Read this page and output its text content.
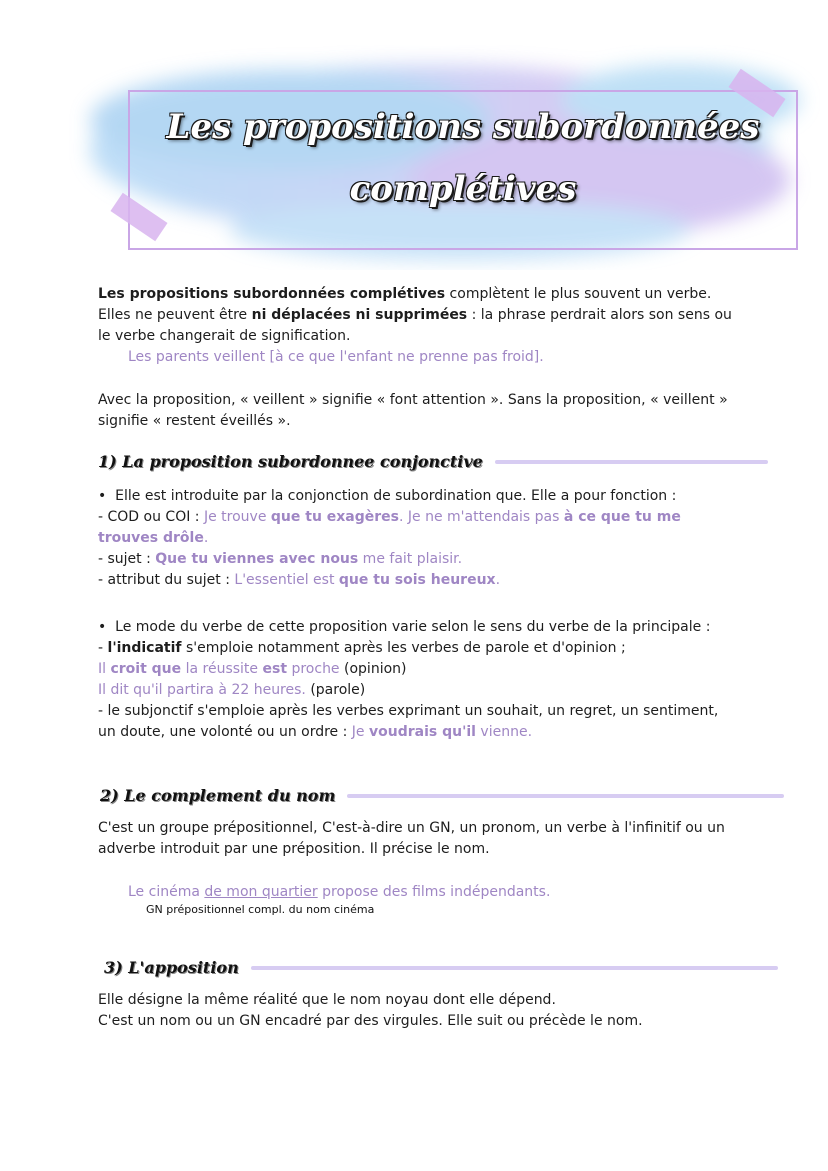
Les propositions subordonnées
complétives

Les propositions subordonnées complétives complètent le plus souvent un verbe.

Elles ne peuvent être ni déplacées ni supprimées : la phrase perdrait alors son sens ou le verbe changerait de signification.

Les parents veillent [à ce que l'enfant ne prenne pas froid].

Avec la proposition, « veillent » signifie « font attention ». Sans la proposition, « veillent » signifie « restent éveillés ».

1) La proposition subordonnee conjonctive

•  Elle est introduite par la conjonction de subordination que. Elle a pour fonction :

- COD ou COI : Je trouve que tu exagères. Je ne m'attendais pas à ce que tu me trouves drôle.

- sujet : Que tu viennes avec nous me fait plaisir.

- attribut du sujet : L'essentiel est que tu sois heureux.

•  Le mode du verbe de cette proposition varie selon le sens du verbe de la principale :

- l'indicatif s'emploie notamment après les verbes de parole et d'opinion ;

Il croit que la réussite est proche (opinion)

Il dit qu'il partira à 22 heures. (parole)

- le subjonctif s'emploie après les verbes exprimant un souhait, un regret, un sentiment, un doute, une volonté ou un ordre : Je voudrais qu'il vienne.

2) Le complement du nom

C'est un groupe prépositionnel, C'est-à-dire un GN, un pronom, un verbe à l'infinitif ou un adverbe introduit par une préposition. Il précise le nom.

Le cinéma de mon quartier propose des films indépendants.

GN prépositionnel compl. du nom cinéma

3) L'apposition

Elle désigne la même réalité que le nom noyau dont elle dépend.

C'est un nom ou un GN encadré par des virgules. Elle suit ou précède le nom.
